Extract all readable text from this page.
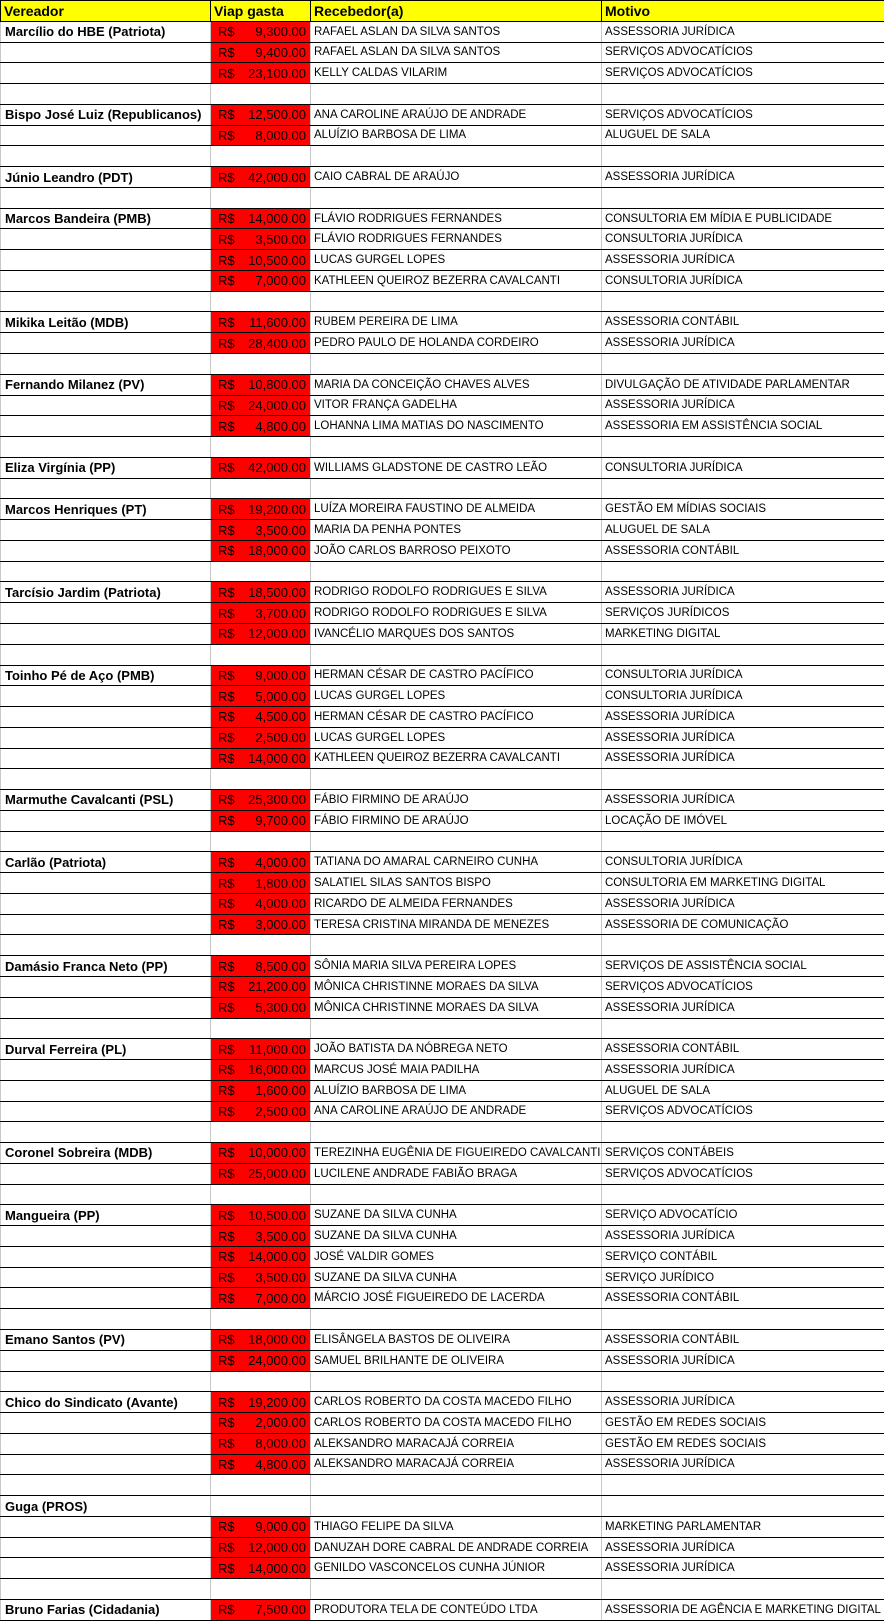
Vereador	Viap gasta	Recebedor(a)	Motivo
Marcílio do HBE (Patriota)	R$ 9,300.00	RAFAEL ASLAN DA SILVA SANTOS	ASSESSORIA JURÍDICA

	R$ 9,400.00	RAFAEL ASLAN DA SILVA SANTOS	SERVIÇOS ADVOCATÍCIOS

	R$ 23,100.00	KELLY CALDAS VILARIM	SERVIÇOS ADVOCATÍCIOS

Bispo José Luiz (Republicanos)	R$ 12,500.00	ANA CAROLINE ARAÚJO DE ANDRADE	SERVIÇOS ADVOCATÍCIOS

	R$ 8,000.00	ALUÍZIO BARBOSA DE LIMA	ALUGUEL DE SALA

Júnio Leandro (PDT)	R$ 42,000.00	CAIO CABRAL DE ARAÚJO	ASSESSORIA JURÍDICA

Marcos Bandeira (PMB)	R$ 14,000.00	FLÁVIO RODRIGUES FERNANDES	CONSULTORIA EM MÍDIA E PUBLICIDADE

	R$ 3,500.00	FLÁVIO RODRIGUES FERNANDES	CONSULTORIA JURÍDICA

	R$ 10,500.00	LUCAS GURGEL LOPES	ASSESSORIA JURÍDICA

	R$ 7,000.00	KATHLEEN QUEIROZ BEZERRA CAVALCANTI	CONSULTORIA JURÍDICA

Mikika Leitão (MDB)	R$ 11,600.00	RUBEM PEREIRA DE LIMA	ASSESSORIA CONTÁBIL

	R$ 28,400.00	PEDRO PAULO DE HOLANDA CORDEIRO	ASSESSORIA JURÍDICA

Fernando Milanez (PV)	R$ 10,800.00	MARIA DA CONCEIÇÃO CHAVES ALVES	DIVULGAÇÃO DE ATIVIDADE PARLAMENTAR

	R$ 24,000.00	VITOR FRANÇA GADELHA	ASSESSORIA JURÍDICA

	R$ 4,800.00	LOHANNA LIMA MATIAS DO NASCIMENTO	ASSESSORIA EM ASSISTÊNCIA SOCIAL

Eliza Virgínia (PP)	R$ 42,000.00	WILLIAMS GLADSTONE DE CASTRO LEÃO	CONSULTORIA JURÍDICA

Marcos Henriques (PT)	R$ 19,200.00	LUÍZA MOREIRA FAUSTINO DE ALMEIDA	GESTÃO EM MÍDIAS SOCIAIS

	R$ 3,500.00	MARIA DA PENHA PONTES	ALUGUEL DE SALA

	R$ 18,000.00	JOÃO CARLOS BARROSO PEIXOTO	ASSESSORIA CONTÁBIL

Tarcísio Jardim (Patriota)	R$ 18,500.00	RODRIGO RODOLFO RODRIGUES E SILVA	ASSESSORIA JURÍDICA

	R$ 3,700.00	RODRIGO RODOLFO RODRIGUES E SILVA	SERVIÇOS JURÍDICOS

	R$ 12,000.00	IVANCÉLIO MARQUES DOS SANTOS	MARKETING DIGITAL

Toinho Pé de Aço (PMB)	R$ 9,000.00	HERMAN CÉSAR DE CASTRO PACÍFICO	CONSULTORIA JURÍDICA

	R$ 5,000.00	LUCAS GURGEL LOPES	CONSULTORIA JURÍDICA

	R$ 4,500.00	HERMAN CÉSAR DE CASTRO PACÍFICO	ASSESSORIA JURÍDICA

	R$ 2,500.00	LUCAS GURGEL LOPES	ASSESSORIA JURÍDICA

	R$ 14,000.00	KATHLEEN QUEIROZ BEZERRA CAVALCANTI	ASSESSORIA JURÍDICA

Marmuthe Cavalcanti (PSL)	R$ 25,300.00	FÁBIO FIRMINO DE ARAÚJO	ASSESSORIA JURÍDICA

	R$ 9,700.00	FÁBIO FIRMINO DE ARAÚJO	LOCAÇÃO DE IMÓVEL

Carlão (Patriota)	R$ 4,000.00	TATIANA DO AMARAL CARNEIRO CUNHA	CONSULTORIA JURÍDICA

	R$ 1,800.00	SALATIEL SILAS SANTOS BISPO	CONSULTORIA EM MARKETING DIGITAL

	R$ 4,000.00	RICARDO DE ALMEIDA FERNANDES	ASSESSORIA JURÍDICA

	R$ 3,000.00	TERESA CRISTINA MIRANDA DE MENEZES	ASSESSORIA DE COMUNICAÇÃO

Damásio Franca Neto (PP)	R$ 8,500.00	SÔNIA MARIA SILVA PEREIRA LOPES	SERVIÇOS DE ASSISTÊNCIA SOCIAL

	R$ 21,200.00	MÔNICA CHRISTINNE MORAES DA SILVA	SERVIÇOS ADVOCATÍCIOS

	R$ 5,300.00	MÔNICA CHRISTINNE MORAES DA SILVA	ASSESSORIA JURÍDICA

Durval Ferreira (PL)	R$ 11,000.00	JOÃO BATISTA DA NÓBREGA NETO	ASSESSORIA CONTÁBIL

	R$ 16,000.00	MARCUS JOSÉ MAIA PADILHA	ASSESSORIA JURÍDICA

	R$ 1,600.00	ALUÍZIO BARBOSA DE LIMA	ALUGUEL DE SALA

	R$ 2,500.00	ANA CAROLINE ARAÚJO DE ANDRADE	SERVIÇOS ADVOCATÍCIOS

Coronel Sobreira (MDB)	R$ 10,000.00	TEREZINHA EUGÊNIA DE FIGUEIREDO CAVALCANTI	SERVIÇOS CONTÁBEIS

	R$ 25,000.00	LUCILENE ANDRADE FABIÃO BRAGA	SERVIÇOS ADVOCATÍCIOS

Mangueira (PP)	R$ 10,500.00	SUZANE DA SILVA CUNHA	SERVIÇO ADVOCATÍCIO

	R$ 3,500.00	SUZANE DA SILVA CUNHA	ASSESSORIA JURÍDICA

	R$ 14,000.00	JOSÉ VALDIR GOMES	SERVIÇO CONTÁBIL

	R$ 3,500.00	SUZANE DA SILVA CUNHA	SERVIÇO JURÍDICO

	R$ 7,000.00	MÁRCIO JOSÉ FIGUEIREDO DE LACERDA	ASSESSORIA CONTÁBIL

Emano Santos (PV)	R$ 18,000.00	ELISÂNGELA BASTOS DE OLIVEIRA	ASSESSORIA CONTÁBIL

	R$ 24,000.00	SAMUEL BRILHANTE DE OLIVEIRA	ASSESSORIA JURÍDICA

Chico do Sindicato (Avante)	R$ 19,200.00	CARLOS ROBERTO DA COSTA MACEDO FILHO	ASSESSORIA JURÍDICA

	R$ 2,000.00	CARLOS ROBERTO DA COSTA MACEDO FILHO	GESTÃO EM REDES SOCIAIS

	R$ 8,000.00	ALEKSANDRO MARACAJÁ CORREIA	GESTÃO EM REDES SOCIAIS

	R$ 4,800.00	ALEKSANDRO MARACAJÁ CORREIA	ASSESSORIA JURÍDICA

Guga (PROS)			

	R$ 9,000.00	THIAGO FELIPE DA SILVA	MARKETING PARLAMENTAR

	R$ 12,000.00	DANUZAH DORE CABRAL DE ANDRADE CORREIA	ASSESSORIA JURÍDICA

	R$ 14,000.00	GENILDO VASCONCELOS CUNHA JÚNIOR	ASSESSORIA JURÍDICA

Bruno Farias (Cidadania)	R$ 7,500.00	PRODUTORA TELA DE CONTEÚDO LTDA	ASSESSORIA DE AGÊNCIA E MARKETING DIGITAL
